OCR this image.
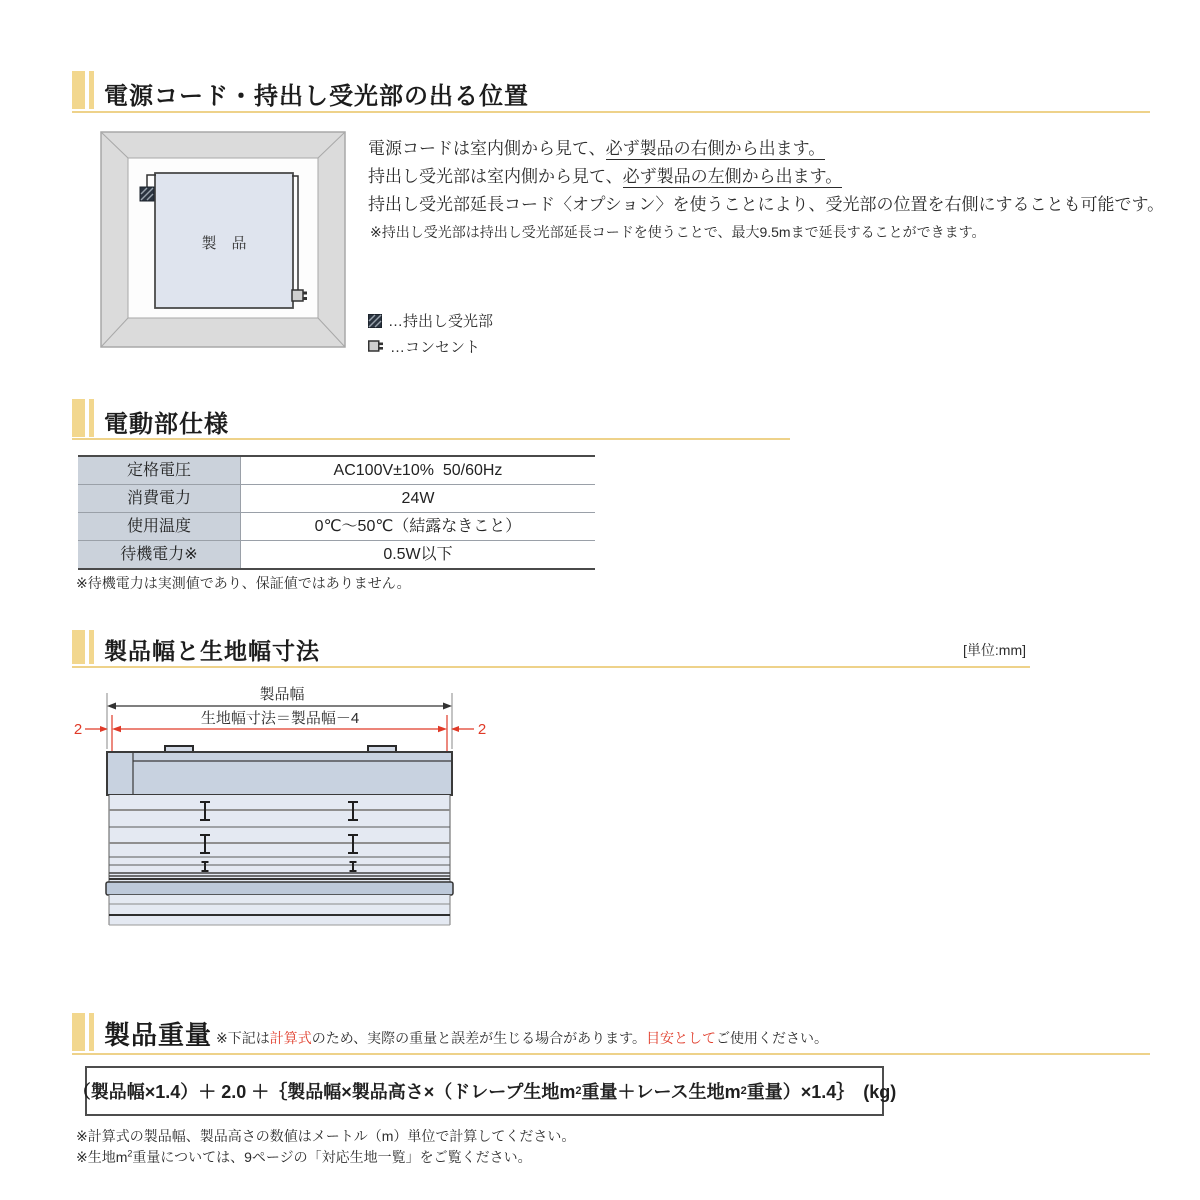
電源コード・持出し受光部の出る位置
製　品
電源コードは室内側から見て、必ず製品の右側から出ます。
持出し受光部は室内側から見て、必ず製品の左側から出ます。
持出し受光部延長コード〈オプション〉を使うことにより、受光部の位置を右側にすることも可能です。
※持出し受光部は持出し受光部延長コードを使うことで、最大9.5mまで延長することができます。
…持出し受光部
…コンセント
電動部仕様
定格電圧	AC100V±10%  50/60Hz
消費電力	24W
使用温度	0℃～50℃（結露なきこと）
待機電力※	0.5W以下
※待機電力は実測値であり、保証値ではありません。
製品幅と生地幅寸法	[単位:mm]
製品幅
生地幅寸法＝製品幅－4
2	2
製品重量 ※下記は計算式のため、実際の重量と誤差が生じる場合があります。目安としてご使用ください。
（製品幅×1.4）＋ 2.0 ＋｛製品幅×製品高さ×（ドレープ生地m 2 重量＋レース生地m 2 重量）×1.4｝　(kg)
※計算式の製品幅、製品高さの数値はメートル（m）単位で計算してください。
※生地$m^2$重量については、9ページの「対応生地一覧」をご覧ください。
